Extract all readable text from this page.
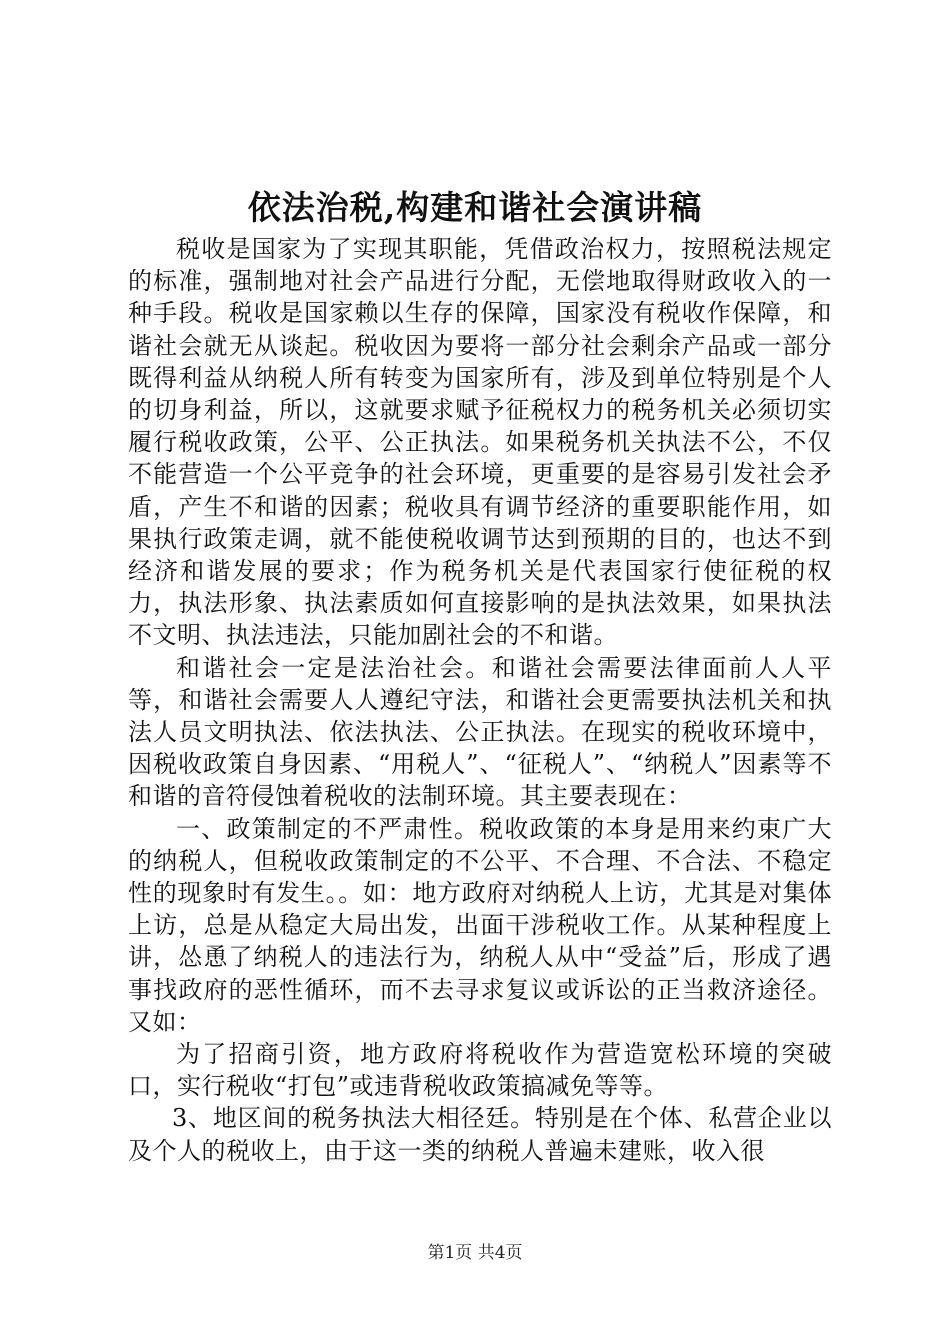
依法治税,构建和谐社会演讲稿

税收是国家为了实现其职能，凭借政治权力，按照税法规定的标准，强制地对社会产品进行分配，无偿地取得财政收入的一种手段。税收是国家赖以生存的保障，国家没有税收作保障，和谐社会就无从谈起。税收因为要将一部分社会剩余产品或一部分既得利益从纳税人所有转变为国家所有，涉及到单位特别是个人的切身利益，所以，这就要求赋予征税权力的税务机关必须切实履行税收政策，公平、公正执法。如果税务机关执法不公，不仅不能营造一个公平竞争的社会环境，更重要的是容易引发社会矛盾，产生不和谐的因素；税收具有调节经济的重要职能作用，如果执行政策走调，就不能使税收调节达到预期的目的，也达不到经济和谐发展的要求；作为税务机关是代表国家行使征税的权力，执法形象、执法素质如何直接影响的是执法效果，如果执法不文明、执法违法，只能加剧社会的不和谐。

和谐社会一定是法治社会。和谐社会需要法律面前人人平等，和谐社会需要人人遵纪守法，和谐社会更需要执法机关和执法人员文明执法、依法执法、公正执法。在现实的税收环境中，因税收政策自身因素、“用税人”、“征税人”、“纳税人”因素等不和谐的音符侵蚀着税收的法制环境。其主要表现在：

一、政策制定的不严肃性。税收政策的本身是用来约束广大的纳税人，但税收政策制定的不公平、不合理、不合法、不稳定性的现象时有发生。。如：地方政府对纳税人上访，尤其是对集体上访，总是从稳定大局出发，出面干涉税收工作。从某种程度上讲，怂恿了纳税人的违法行为，纳税人从中“受益”后，形成了遇事找政府的恶性循环，而不去寻求复议或诉讼的正当救济途径。又如：

为了招商引资，地方政府将税收作为营造宽松环境的突破口，实行税收“打包”或违背税收政策搞减免等等。

3、地区间的税务执法大相径廷。特别是在个体、私营企业以及个人的税收上，由于这一类的纳税人普遍未建账，收入很

第1页 共4页
